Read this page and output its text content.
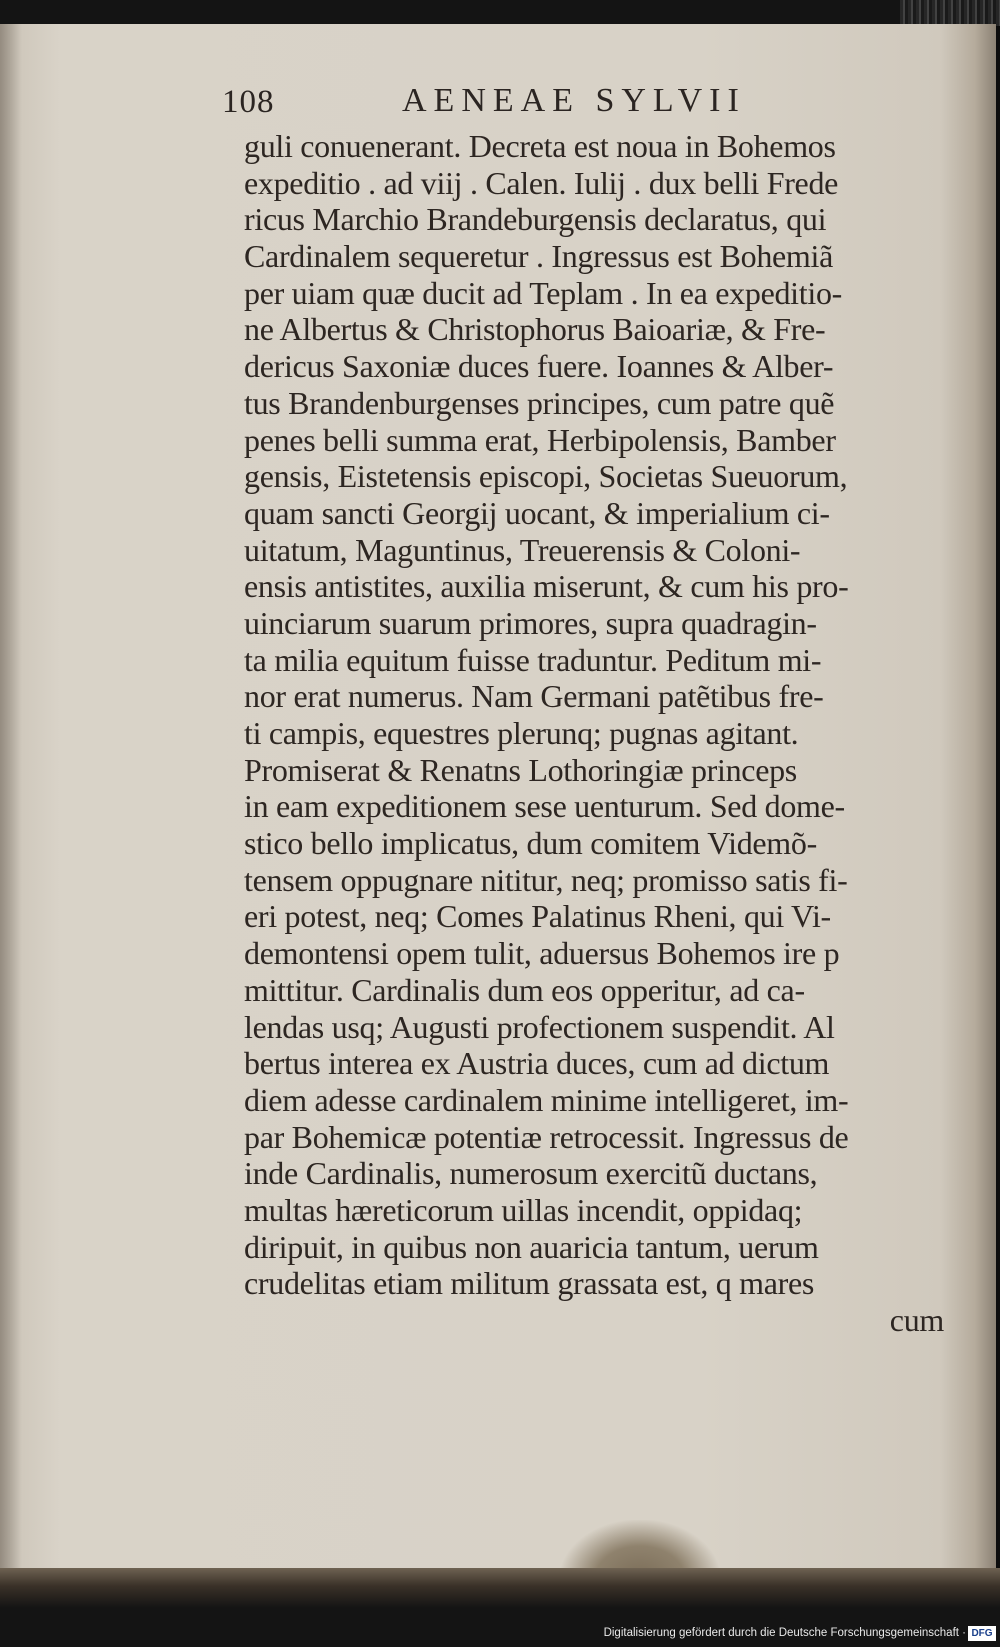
108	AENEAE SYLVII
guli conuenerant. Decreta est noua in Bohemos
expeditio . ad viij . Calen. Iulij . dux belli Frede
ricus Marchio Brandeburgensis declaratus, qui
Cardinalem sequeretur . Ingressus est Bohemiã
per uiam quæ ducit ad Teplam . In ea expeditio-
ne Albertus & Christophorus Baioariæ, & Fre-
dericus Saxoniæ duces fuere. Ioannes & Alber-
tus Brandenburgenses principes, cum patre quẽ
penes belli summa erat, Herbipolensis, Bamber
gensis, Eistetensis episcopi, Societas Sueuorum,
quam sancti Georgij uocant, & imperialium ci-
uitatum, Maguntinus, Treuerensis & Coloni-
ensis antistites, auxilia miserunt, & cum his pro-
uinciarum suarum primores, supra quadragin-
ta milia equitum fuisse traduntur. Peditum mi-
nor erat numerus. Nam Germani patẽtibus fre-
ti campis, equestres plerunq; pugnas agitant.
Promiserat & Renatns Lothoringiæ princeps
in eam expeditionem sese uenturum. Sed dome-
stico bello implicatus, dum comitem Videmõ-
tensem oppugnare nititur, neq; promisso satis fi-
eri potest, neq; Comes Palatinus Rheni, qui Vi-
demontensi opem tulit, aduersus Bohemos ire p
mittitur. Cardinalis dum eos opperitur, ad ca-
lendas usq; Augusti profectionem suspendit. Al
bertus interea ex Austria duces, cum ad dictum
diem adesse cardinalem minime intelligeret, im-
par Bohemicæ potentiæ retrocessit. Ingressus de
inde Cardinalis, numerosum exercitũ ductans,
multas hæreticorum uillas incendit, oppidaq;
diripuit, in quibus non auaricia tantum, uerum
crudelitas etiam militum grassata est, q mares
cum
Digitalisierung gefördert durch die Deutsche Forschungsgemeinschaft · DFG
